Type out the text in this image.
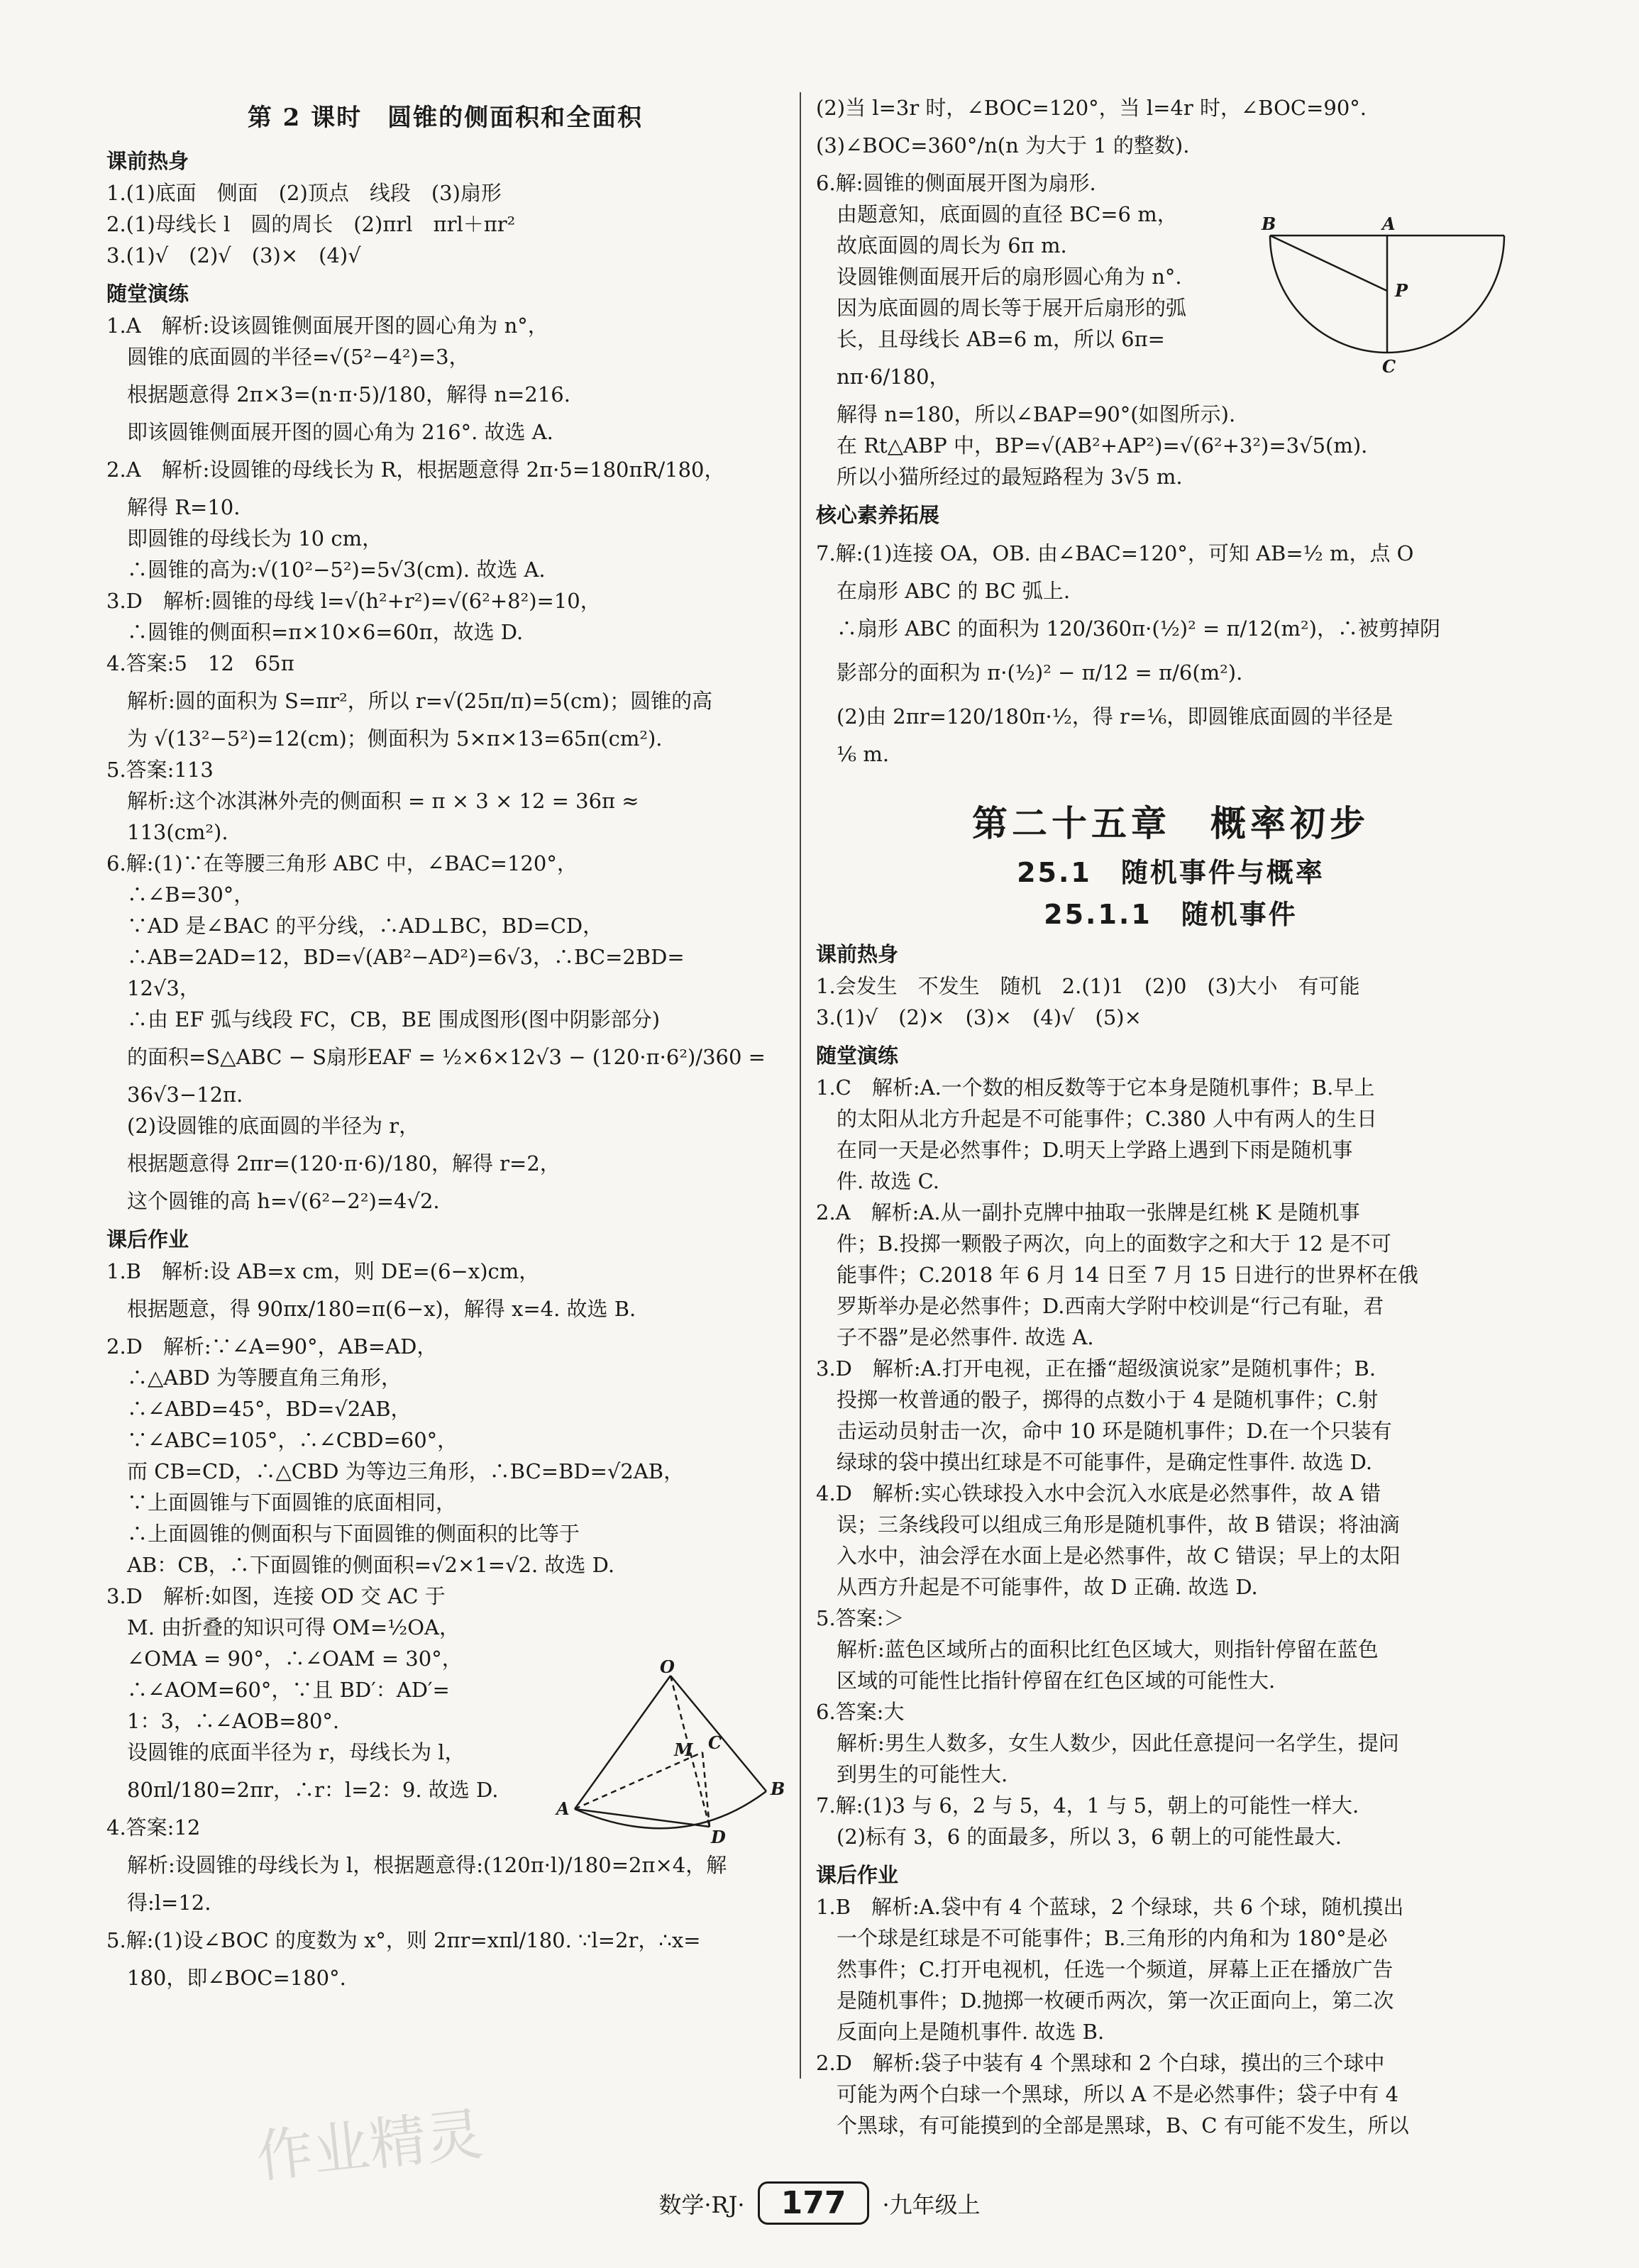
第 2 课时　圆锥的侧面积和全面积
课前热身
1.(1)底面　侧面　(2)顶点　线段　(3)扇形
2.(1)母线长 l　圆的周长　(2)πrl　πrl＋πr²
3.(1)√　(2)√　(3)×　(4)√
随堂演练
1.A　解析:设该圆锥侧面展开图的圆心角为 n°，
　圆锥的底面圆的半径=√(5²−4²)=3，
　根据题意得 2π×3=(n·π·5)/180，解得 n=216.
　即该圆锥侧面展开图的圆心角为 216°. 故选 A.
2.A　解析:设圆锥的母线长为 R，根据题意得 2π·5=180πR/180，
　解得 R=10.
　即圆锥的母线长为 10 cm，
　∴圆锥的高为:√(10²−5²)=5√3(cm). 故选 A.
3.D　解析:圆锥的母线 l=√(h²+r²)=√(6²+8²)=10，
　∴圆锥的侧面积=π×10×6=60π，故选 D.
4.答案:5　12　65π
　解析:圆的面积为 S=πr²，所以 r=√(25π/π)=5(cm)；圆锥的高
　为 √(13²−5²)=12(cm)；侧面积为 5×π×13=65π(cm²).
5.答案:113
　解析:这个冰淇淋外壳的侧面积 = π × 3 × 12 = 36π ≈
　113(cm²).
6.解:(1)∵在等腰三角形 ABC 中，∠BAC=120°，
　∴∠B=30°，
　∵AD 是∠BAC 的平分线，∴AD⊥BC，BD=CD，
　∴AB=2AD=12，BD=√(AB²−AD²)=6√3，∴BC=2BD=
　12√3，
　∴由 EF 弧与线段 FC，CB，BE 围成图形(图中阴影部分)
　的面积=S△ABC − S扇形EAF = ½×6×12√3 − (120·π·6²)/360 =
　36√3−12π.
　(2)设圆锥的底面圆的半径为 r，
　根据题意得 2πr=(120·π·6)/180，解得 r=2，
　这个圆锥的高 h=√(6²−2²)=4√2.
课后作业
1.B　解析:设 AB=x cm，则 DE=(6−x)cm，
　根据题意，得 90πx/180=π(6−x)，解得 x=4. 故选 B.
2.D　解析:∵∠A=90°，AB=AD，
　∴△ABD 为等腰直角三角形，
　∴∠ABD=45°，BD=√2AB，
　∵∠ABC=105°，∴∠CBD=60°，
　而 CB=CD，∴△CBD 为等边三角形，∴BC=BD=√2AB，
　∵上面圆锥与下面圆锥的底面相同，
　∴上面圆锥的侧面积与下面圆锥的侧面积的比等于
　AB：CB，∴下面圆锥的侧面积=√2×1=√2. 故选 D.
3.D　解析:如图，连接 OD 交 AC 于
　M. 由折叠的知识可得 OM=½OA，
　∠OMA = 90°，∴∠OAM = 30°，
　∴∠AOM=60°，∵且 BD′：AD′=
　1：3，∴∠AOB=80°.
　设圆锥的底面半径为 r，母线长为 l，
　80πl/180=2πr，∴r：l=2：9. 故选 D.
4.答案:12
　解析:设圆锥的母线长为 l，根据题意得:(120π·l)/180=2π×4，解
　得:l=12.
5.解:(1)设∠BOC 的度数为 x°，则 2πr=xπl/180. ∵l=2r，∴x=
　180，即∠BOC=180°.
(2)当 l=3r 时，∠BOC=120°，当 l=4r 时，∠BOC=90°.
(3)∠BOC=360°/n(n 为大于 1 的整数).
6.解:圆锥的侧面展开图为扇形.
　由题意知，底面圆的直径 BC=6 m，
　故底面圆的周长为 6π m.
　设圆锥侧面展开后的扇形圆心角为 n°.
　因为底面圆的周长等于展开后扇形的弧
　长，且母线长 AB=6 m，所以 6π=
　nπ·6/180，
　解得 n=180，所以∠BAP=90°(如图所示).
　在 Rt△ABP 中，BP=√(AB²+AP²)=√(6²+3²)=3√5(m).
　所以小猫所经过的最短路程为 3√5 m.
核心素养拓展
7.解:(1)连接 OA，OB. 由∠BAC=120°，可知 AB=½ m，点 O
　在扇形 ABC 的 BC 弧上.
　∴扇形 ABC 的面积为 120/360π·(½)² = π/12(m²)，∴被剪掉阴
　影部分的面积为 π·(½)² − π/12 = π/6(m²).
　(2)由 2πr=120/180π·½，得 r=⅙，即圆锥底面圆的半径是
　⅙ m.
第二十五章　概率初步
25.1　随机事件与概率
25.1.1　随机事件
课前热身
1.会发生　不发生　随机　2.(1)1　(2)0　(3)大小　有可能
3.(1)√　(2)×　(3)×　(4)√　(5)×
随堂演练
1.C　解析:A.一个数的相反数等于它本身是随机事件；B.早上
　的太阳从北方升起是不可能事件；C.380 人中有两人的生日
　在同一天是必然事件；D.明天上学路上遇到下雨是随机事
　件. 故选 C.
2.A　解析:A.从一副扑克牌中抽取一张牌是红桃 K 是随机事
　件；B.投掷一颗骰子两次，向上的面数字之和大于 12 是不可
　能事件；C.2018 年 6 月 14 日至 7 月 15 日进行的世界杯在俄
　罗斯举办是必然事件；D.西南大学附中校训是“行己有耻，君
　子不器”是必然事件. 故选 A.
3.D　解析:A.打开电视，正在播“超级演说家”是随机事件；B.
　投掷一枚普通的骰子，掷得的点数小于 4 是随机事件；C.射
　击运动员射击一次，命中 10 环是随机事件；D.在一个只装有
　绿球的袋中摸出红球是不可能事件，是确定性事件. 故选 D.
4.D　解析:实心铁球投入水中会沉入水底是必然事件，故 A 错
　误；三条线段可以组成三角形是随机事件，故 B 错误；将油滴
　入水中，油会浮在水面上是必然事件，故 C 错误；早上的太阳
　从西方升起是不可能事件，故 D 正确. 故选 D.
5.答案:＞
　解析:蓝色区域所占的面积比红色区域大，则指针停留在蓝色
　区域的可能性比指针停留在红色区域的可能性大.
6.答案:大
　解析:男生人数多，女生人数少，因此任意提问一名学生，提问
　到男生的可能性大.
7.解:(1)3 与 6，2 与 5，4，1 与 5，朝上的可能性一样大.
　(2)标有 3，6 的面最多，所以 3，6 朝上的可能性最大.
课后作业
1.B　解析:A.袋中有 4 个蓝球，2 个绿球，共 6 个球，随机摸出
　一个球是红球是不可能事件；B.三角形的内角和为 180°是必
　然事件；C.打开电视机，任选一个频道，屏幕上正在播放广告
　是随机事件；D.抛掷一枚硬币两次，第一次正面向上，第二次
　反面向上是随机事件. 故选 B.
2.D　解析:袋子中装有 4 个黑球和 2 个白球，摸出的三个球中
　可能为两个白球一个黑球，所以 A 不是必然事件；袋子中有 4
　个黑球，有可能摸到的全部是黑球，B、C 有可能不发生，所以
O
M C
A
B
D
B	A
P
C
作业精灵
数学·RJ·	177	·九年级上
